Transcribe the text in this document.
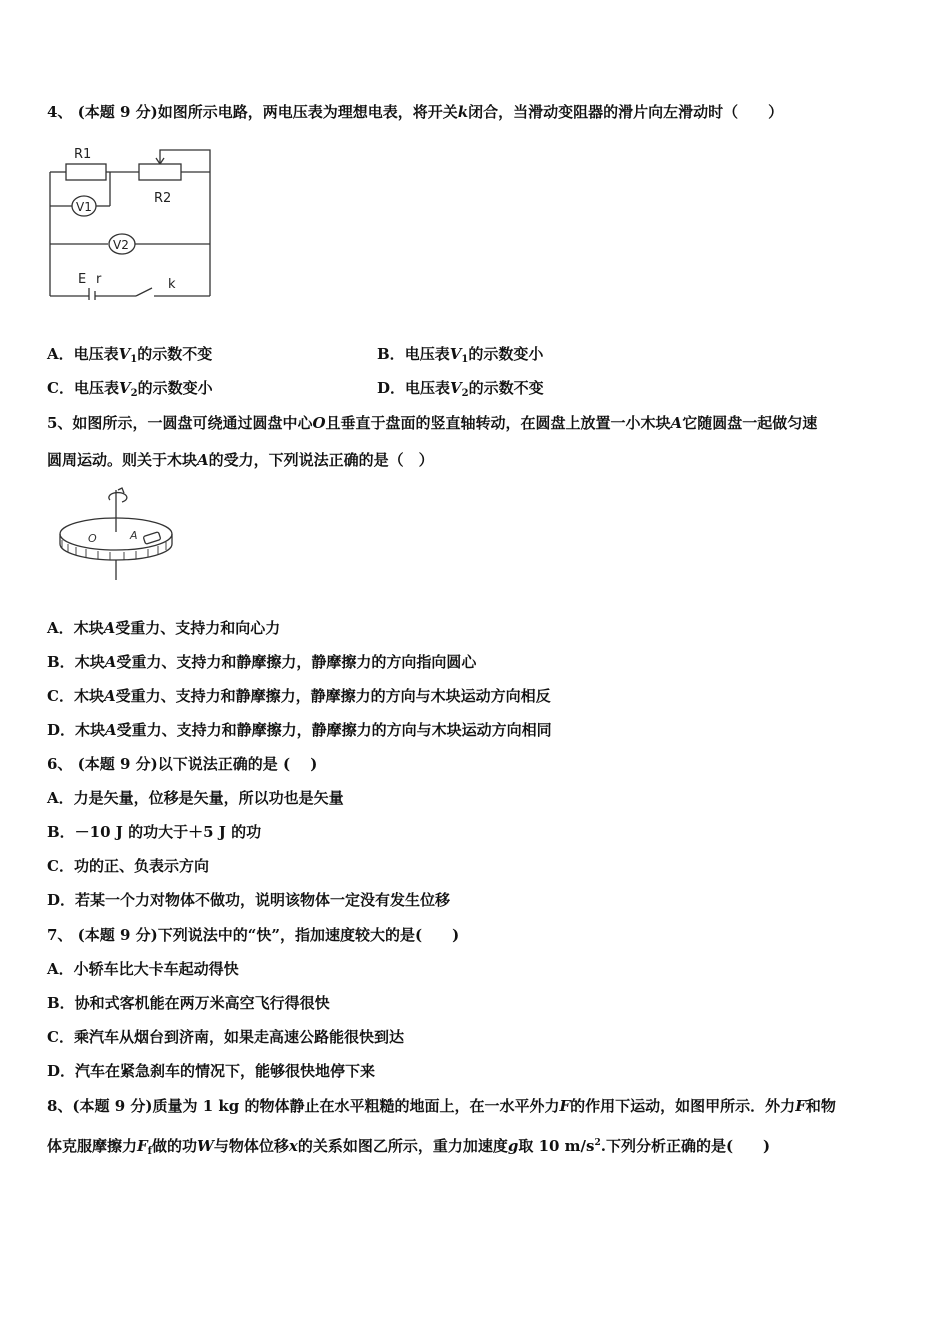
4、 (本题 9 分)如图所示电路，两电压表为理想电表，将开关k闭合，当滑动变阻器的滑片向左滑动时（　　）
R1
R2
V1
V2
E r	k
A．电压表$V_1$的示数不变	B．电压表$V_1$的示数变小
C．电压表$V_2$的示数变小	D．电压表$V_2$的示数不变
5、如图所示，一圆盘可绕通过圆盘中心O且垂直于盘面的竖直轴转动，在圆盘上放置一小木块A它随圆盘一起做匀速
圆周运动。则关于木块A的受力，下列说法正确的是（　）
O	A
A．木块A受重力、支持力和向心力
B．木块A受重力、支持力和静摩擦力，静摩擦力的方向指向圆心
C．木块A受重力、支持力和静摩擦力，静摩擦力的方向与木块运动方向相反
D．木块A受重力、支持力和静摩擦力，静摩擦力的方向与木块运动方向相同
6、 (本题 9 分)以下说法正确的是 (　 )
A．力是矢量，位移是矢量，所以功也是矢量
B．－10 J 的功大于＋5 J 的功
C．功的正、负表示方向
D．若某一个力对物体不做功，说明该物体一定没有发生位移
7、 (本题 9 分)下列说法中的“快”，指加速度较大的是(　　)
A．小轿车比大卡车起动得快
B．协和式客机能在两万米高空飞行得很快
C．乘汽车从烟台到济南，如果走高速公路能很快到达
D．汽车在紧急刹车的情况下，能够很快地停下来
8、(本题 9 分)质量为 1 kg 的物体静止在水平粗糙的地面上，在一水平外力F的作用下运动，如图甲所示．外力F和物
体克服摩擦力$F_f$做的功W与物体位移x的关系如图乙所示，重力加速度g取 10 $m/s^2$.下列分析正确的是(　　)
